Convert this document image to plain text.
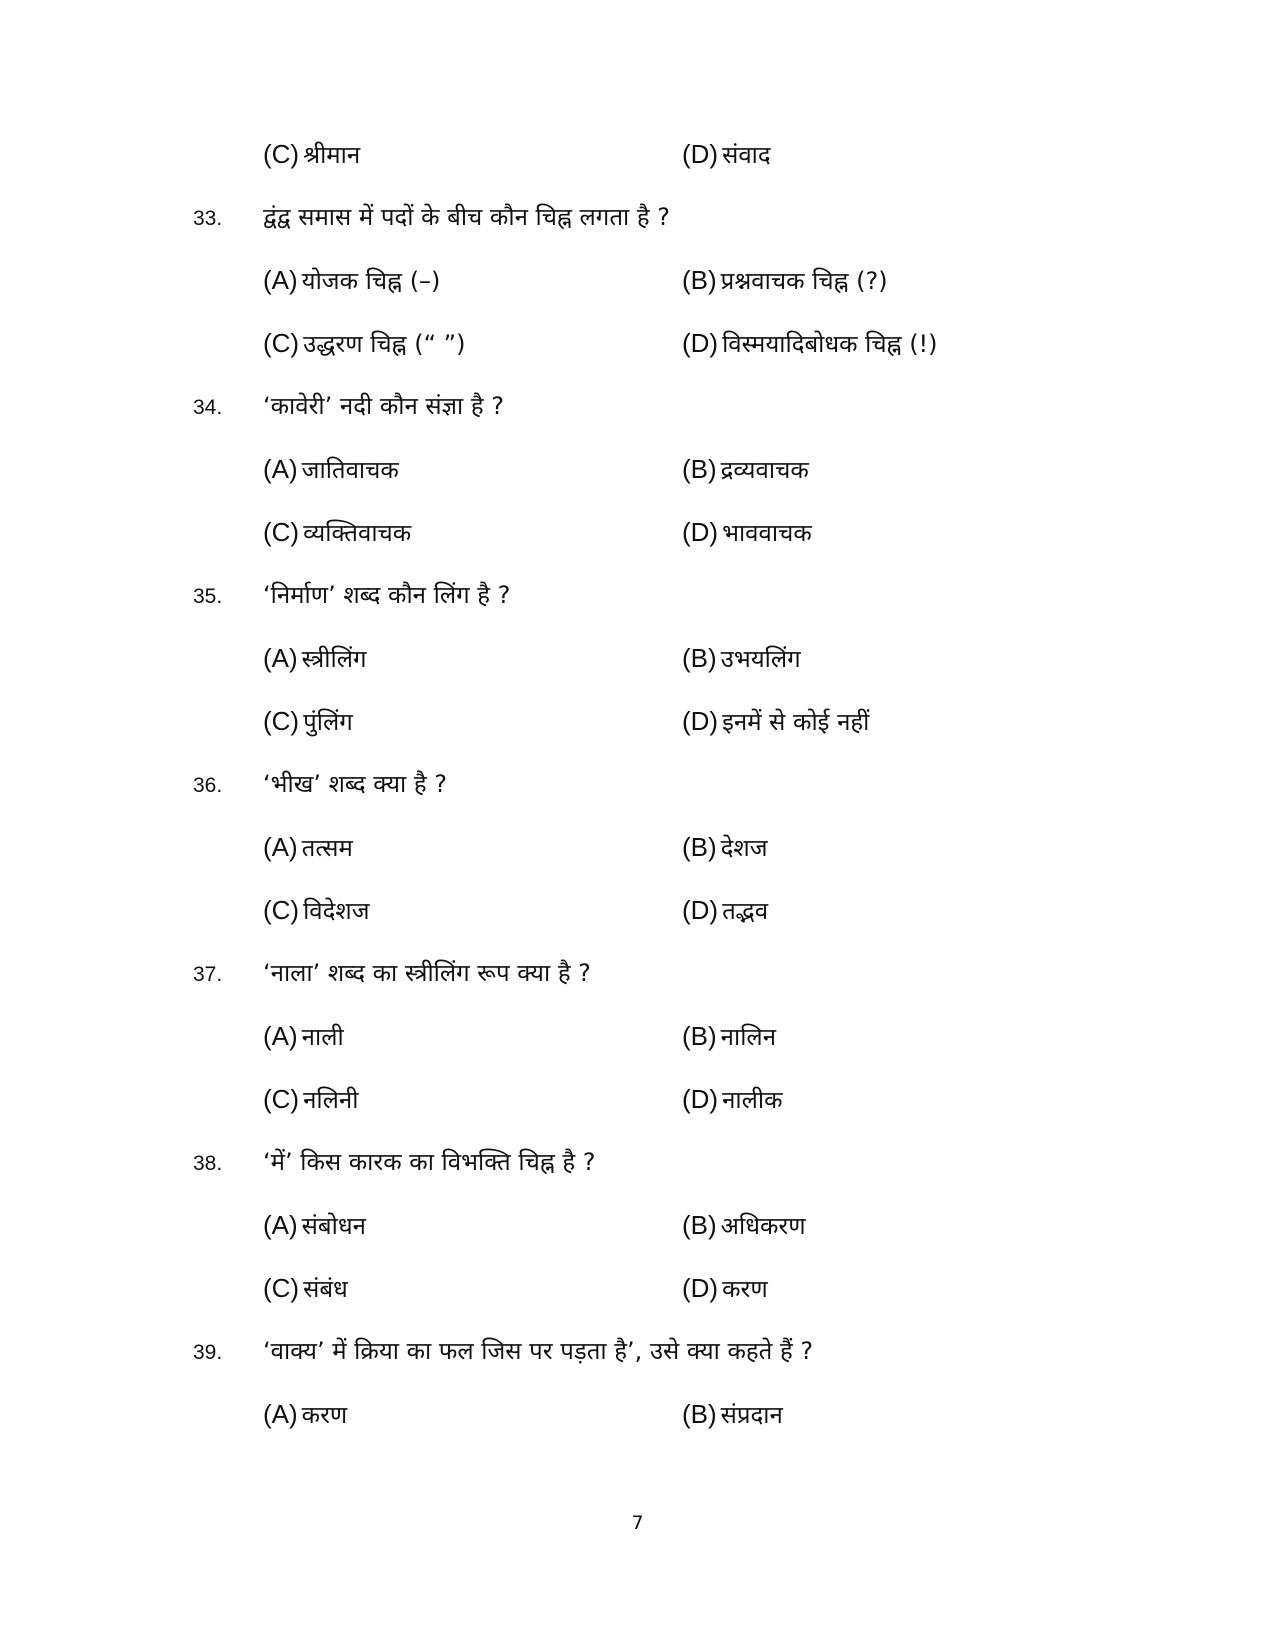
(C) श्रीमान	(D) संवाद
33. द्वंद्व समास में पदों के बीच कौन चिह्न लगता है ?
(A) योजक चिह्न (–)	(B) प्रश्नवाचक चिह्न (?)
(C) उद्धरण चिह्न (“ ”)	(D) विस्मयादिबोधक चिह्न (!)
34. ‘कावेरी’ नदी कौन संज्ञा है ?
(A) जातिवाचक	(B) द्रव्यवाचक
(C) व्यक्तिवाचक	(D) भाववाचक
35. ‘निर्माण’ शब्द कौन लिंग है ?
(A) स्त्रीलिंग	(B) उभयलिंग
(C) पुंलिंग	(D) इनमें से कोई नहीं
36. ‘भीख’ शब्द क्या है ?
(A) तत्सम	(B) देशज
(C) विदेशज	(D) तद्भव
37. ‘नाला’ शब्द का स्त्रीलिंग रूप क्या है ?
(A) नाली	(B) नालिन
(C) नलिनी	(D) नालीक
38. ‘में’ किस कारक का विभक्ति चिह्न है ?
(A) संबोधन	(B) अधिकरण
(C) संबंध	(D) करण
39. ‘वाक्य’ में क्रिया का फल जिस पर पड़ता है’, उसे क्या कहते हैं ?
(A) करण	(B) संप्रदान
7
